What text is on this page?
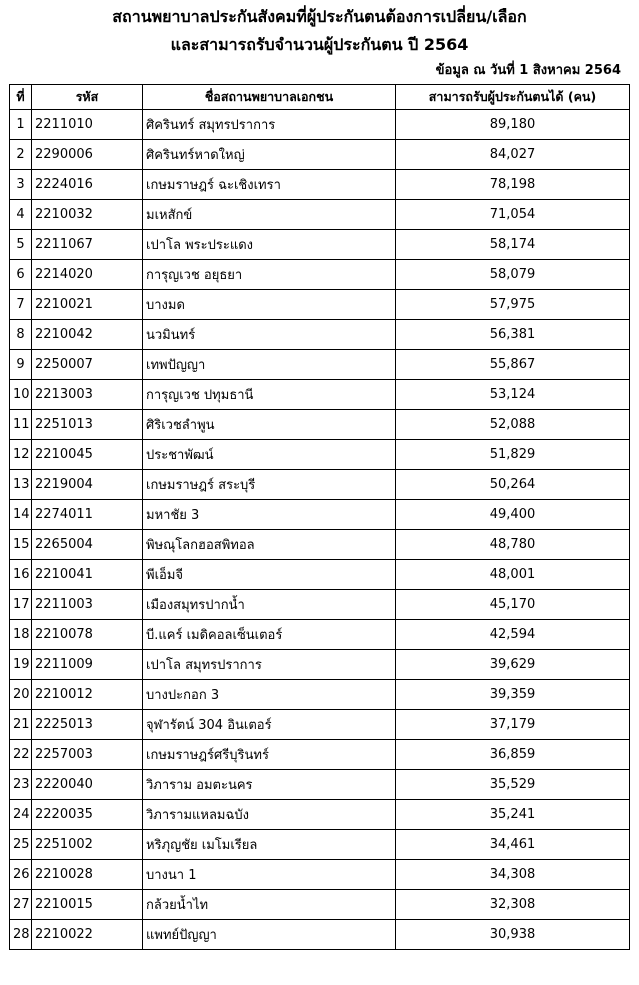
สถานพยาบาลประกันสังคมที่ผู้ประกันตนต้องการเปลี่ยน/เลือก
และสามารถรับจำนวนผู้ประกันตน ปี 2564
ข้อมูล ณ วันที่ 1 สิงหาคม 2564
ที่	รหัส	ชื่อสถานพยาบาลเอกชน	สามารถรับผู้ประกันตนได้ (คน)
1	2211010	ศิครินทร์ สมุทรปราการ	89,180
2	2290006	ศิครินทร์หาดใหญ่	84,027
3	2224016	เกษมราษฎร์ ฉะเชิงเทรา	78,198
4	2210032	มเหสักข์	71,054
5	2211067	เปาโล พระประแดง	58,174
6	2214020	การุญเวช อยุธยา	58,079
7	2210021	บางมด	57,975
8	2210042	นวมินทร์	56,381
9	2250007	เทพปัญญา	55,867
10	2213003	การุญเวช ปทุมธานี	53,124
11	2251013	ศิริเวชลำพูน	52,088
12	2210045	ประชาพัฒน์	51,829
13	2219004	เกษมราษฎร์ สระบุรี	50,264
14	2274011	มหาชัย 3	49,400
15	2265004	พิษณุโลกฮอสพิทอล	48,780
16	2210041	พีเอ็มจี	48,001
17	2211003	เมืองสมุทรปากน้ำ	45,170
18	2210078	บี.แคร์ เมดิคอลเซ็นเตอร์	42,594
19	2211009	เปาโล สมุทรปราการ	39,629
20	2210012	บางปะกอก 3	39,359
21	2225013	จุฬารัตน์ 304 อินเตอร์	37,179
22	2257003	เกษมราษฎร์ศรีบุรินทร์	36,859
23	2220040	วิภาราม อมตะนคร	35,529
24	2220035	วิภารามแหลมฉบัง	35,241
25	2251002	หริภุญชัย เมโมเรียล	34,461
26	2210028	บางนา 1	34,308
27	2210015	กล้วยน้ำไท	32,308
28	2210022	แพทย์ปัญญา	30,938
